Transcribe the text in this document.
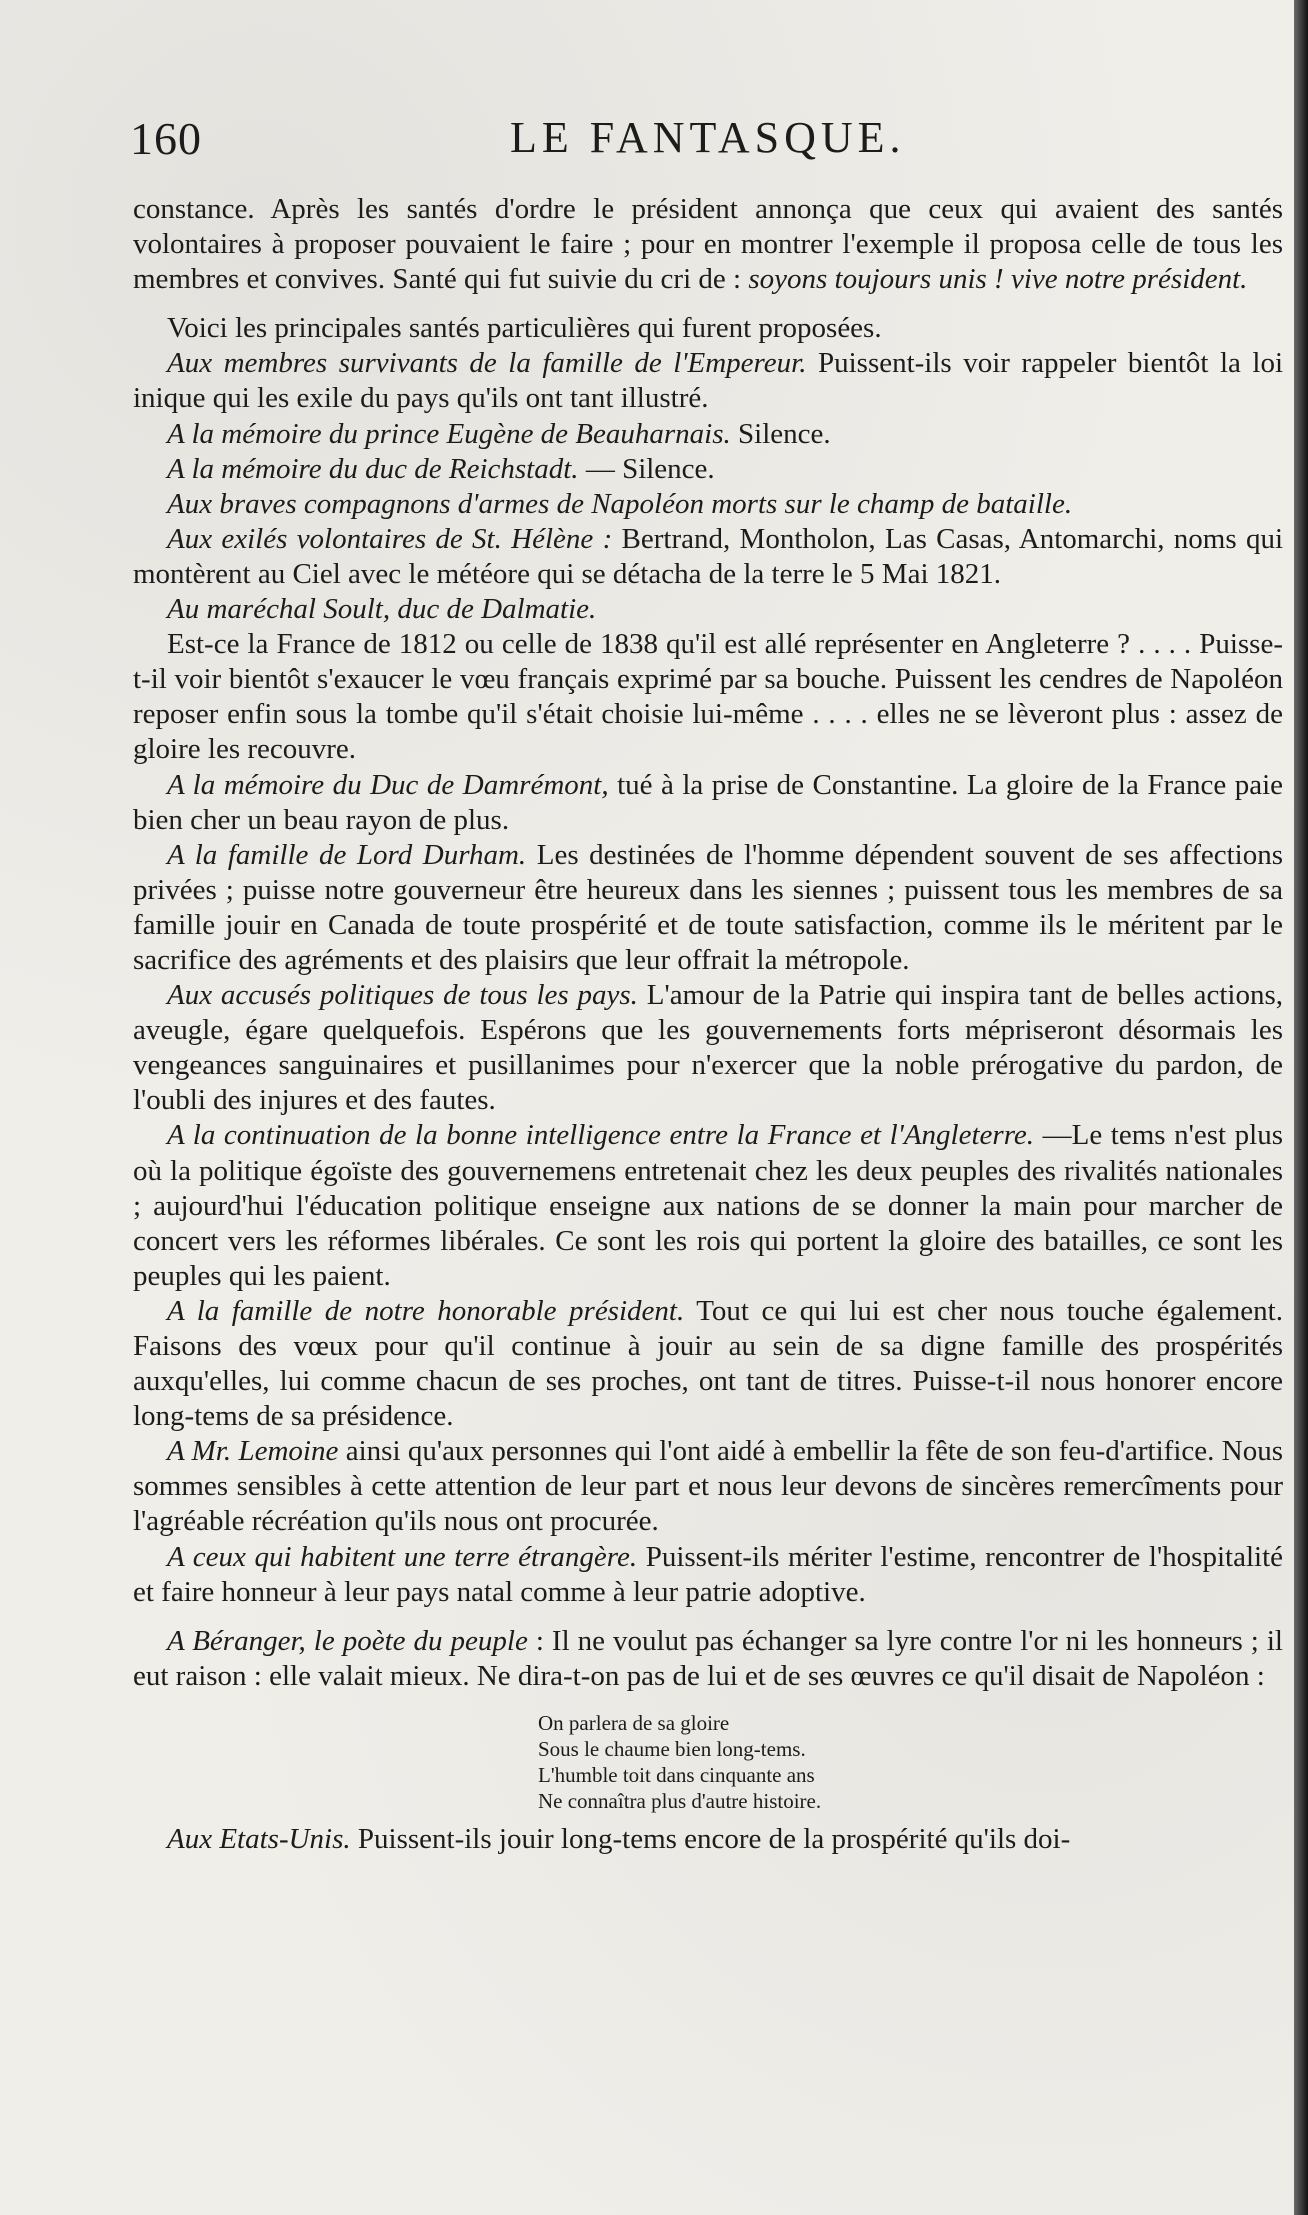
160	LE FANTASQUE.

constance. Après les santés d'ordre le président annonça que ceux qui avaient des santés volontaires à proposer pouvaient le faire ; pour en montrer l'exemple il proposa celle de tous les membres et convives. Santé qui fut suivie du cri de : soyons toujours unis ! vive notre président.

Voici les principales santés particulières qui furent proposées.

Aux membres survivants de la famille de l'Empereur. Puissent-ils voir rappeler bientôt la loi inique qui les exile du pays qu'ils ont tant illustré.

A la mémoire du prince Eugène de Beauharnais. Silence.

A la mémoire du duc de Reichstadt. — Silence.

Aux braves compagnons d'armes de Napoléon morts sur le champ de bataille.

Aux exilés volontaires de St. Hélène : Bertrand, Montholon, Las Casas, Antomarchi, noms qui montèrent au Ciel avec le météore qui se détacha de la terre le 5 Mai 1821.

Au maréchal Soult, duc de Dalmatie.

Est-ce la France de 1812 ou celle de 1838 qu'il est allé représenter en Angleterre ? . . . . Puisse-t-il voir bientôt s'exaucer le vœu français exprimé par sa bouche. Puissent les cendres de Napoléon reposer enfin sous la tombe qu'il s'était choisie lui-même . . . . elles ne se lèveront plus : assez de gloire les recouvre.

A la mémoire du Duc de Damrémont, tué à la prise de Constantine. La gloire de la France paie bien cher un beau rayon de plus.

A la famille de Lord Durham. Les destinées de l'homme dépendent souvent de ses affections privées ; puisse notre gouverneur être heureux dans les siennes ; puissent tous les membres de sa famille jouir en Canada de toute prospérité et de toute satisfaction, comme ils le méritent par le sacrifice des agréments et des plaisirs que leur offrait la métropole.

Aux accusés politiques de tous les pays. L'amour de la Patrie qui inspira tant de belles actions, aveugle, égare quelquefois. Espérons que les gouvernements forts mépriseront désormais les vengeances sanguinaires et pusillanimes pour n'exercer que la noble prérogative du pardon, de l'oubli des injures et des fautes.

A la continuation de la bonne intelligence entre la France et l'Angleterre. —Le tems n'est plus où la politique égoïste des gouvernemens entretenait chez les deux peuples des rivalités nationales ; aujourd'hui l'éducation politique enseigne aux nations de se donner la main pour marcher de concert vers les réformes libérales. Ce sont les rois qui portent la gloire des batailles, ce sont les peuples qui les paient.

A la famille de notre honorable président. Tout ce qui lui est cher nous touche également. Faisons des vœux pour qu'il continue à jouir au sein de sa digne famille des prospérités auxqu'elles, lui comme chacun de ses proches, ont tant de titres. Puisse-t-il nous honorer encore long-tems de sa présidence.

A Mr. Lemoine ainsi qu'aux personnes qui l'ont aidé à embellir la fête de son feu-d'artifice. Nous sommes sensibles à cette attention de leur part et nous leur devons de sincères remercîments pour l'agréable récréation qu'ils nous ont procurée.

A ceux qui habitent une terre étrangère. Puissent-ils mériter l'estime, rencontrer de l'hospitalité et faire honneur à leur pays natal comme à leur patrie adoptive.

A Béranger, le poète du peuple : Il ne voulut pas échanger sa lyre contre l'or ni les honneurs ; il eut raison : elle valait mieux. Ne dira-t-on pas de lui et de ses œuvres ce qu'il disait de Napoléon :

On parlera de sa gloire
Sous le chaume bien long-tems.
L'humble toit dans cinquante ans
Ne connaîtra plus d'autre histoire.

Aux Etats-Unis. Puissent-ils jouir long-tems encore de la prospérité qu'ils doi-
